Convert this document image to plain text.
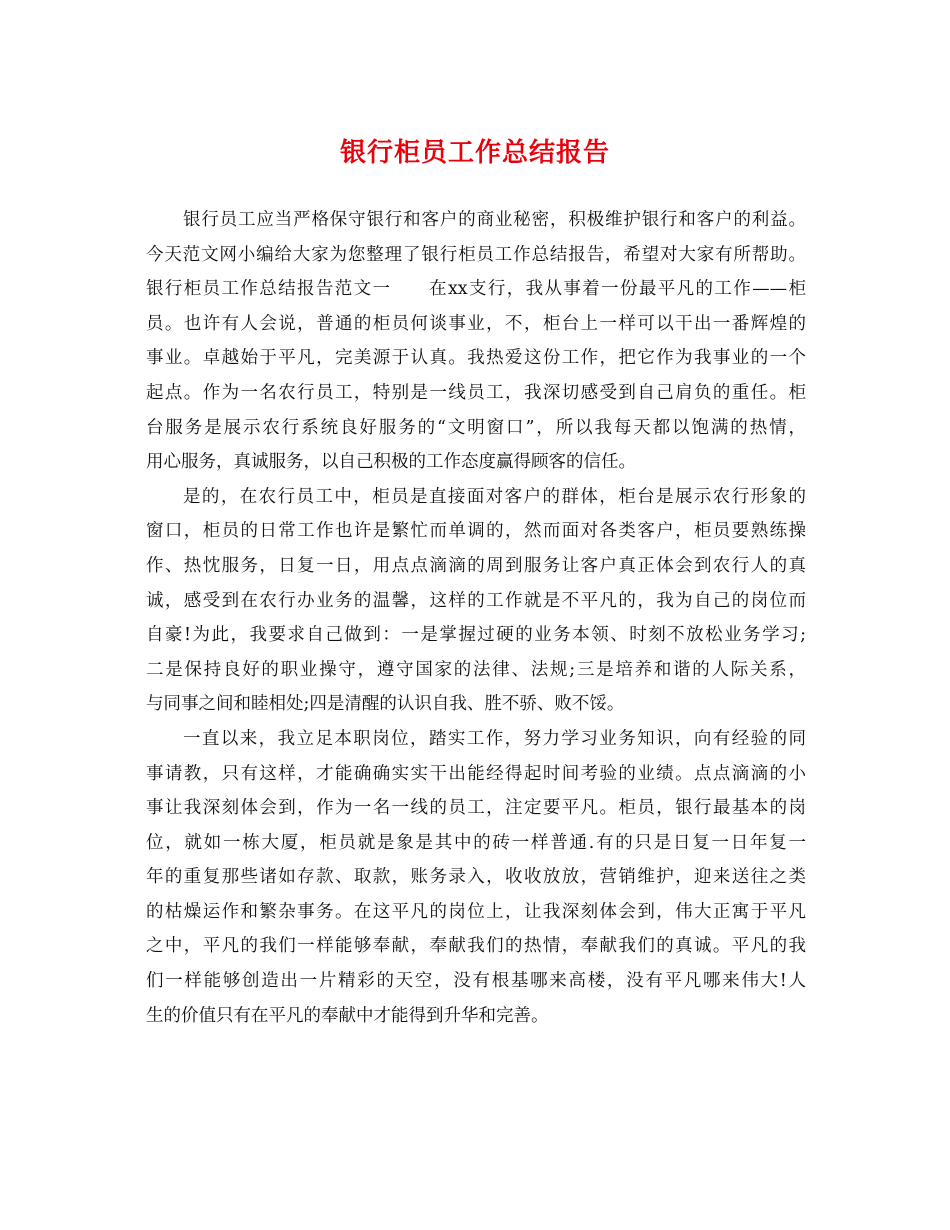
银行柜员工作总结报告
银行员工应当严格保守银行和客户的商业秘密，积极维护银行和客户的利益。
今天范文网小编给大家为您整理了银行柜员工作总结报告，希望对大家有所帮助。
银行柜员工作总结报告范文一　　在xx支行，我从事着一份最平凡的工作——柜
员。也许有人会说，普通的柜员何谈事业，不，柜台上一样可以干出一番辉煌的
事业。卓越始于平凡，完美源于认真。我热爱这份工作，把它作为我事业的一个
起点。作为一名农行员工，特别是一线员工，我深切感受到自己肩负的重任。柜
台服务是展示农行系统良好服务的“文明窗口”，所以我每天都以饱满的热情，
用心服务，真诚服务，以自己积极的工作态度赢得顾客的信任。
是的，在农行员工中，柜员是直接面对客户的群体，柜台是展示农行形象的
窗口，柜员的日常工作也许是繁忙而单调的，然而面对各类客户，柜员要熟练操
作、热忱服务，日复一日，用点点滴滴的周到服务让客户真正体会到农行人的真
诚，感受到在农行办业务的温馨，这样的工作就是不平凡的，我为自己的岗位而
自豪!为此，我要求自己做到：一是掌握过硬的业务本领、时刻不放松业务学习;
二是保持良好的职业操守，遵守国家的法律、法规;三是培养和谐的人际关系，
与同事之间和睦相处;四是清醒的认识自我、胜不骄、败不馁。
一直以来，我立足本职岗位，踏实工作，努力学习业务知识，向有经验的同
事请教，只有这样，才能确确实实干出能经得起时间考验的业绩。点点滴滴的小
事让我深刻体会到，作为一名一线的员工，注定要平凡。柜员，银行最基本的岗
位，就如一栋大厦，柜员就是象是其中的砖一样普通.有的只是日复一日年复一
年的重复那些诸如存款、取款，账务录入，收收放放，营销维护，迎来送往之类
的枯燥运作和繁杂事务。在这平凡的岗位上，让我深刻体会到，伟大正寓于平凡
之中，平凡的我们一样能够奉献，奉献我们的热情，奉献我们的真诚。平凡的我
们一样能够创造出一片精彩的天空，没有根基哪来高楼，没有平凡哪来伟大!人
生的价值只有在平凡的奉献中才能得到升华和完善。
